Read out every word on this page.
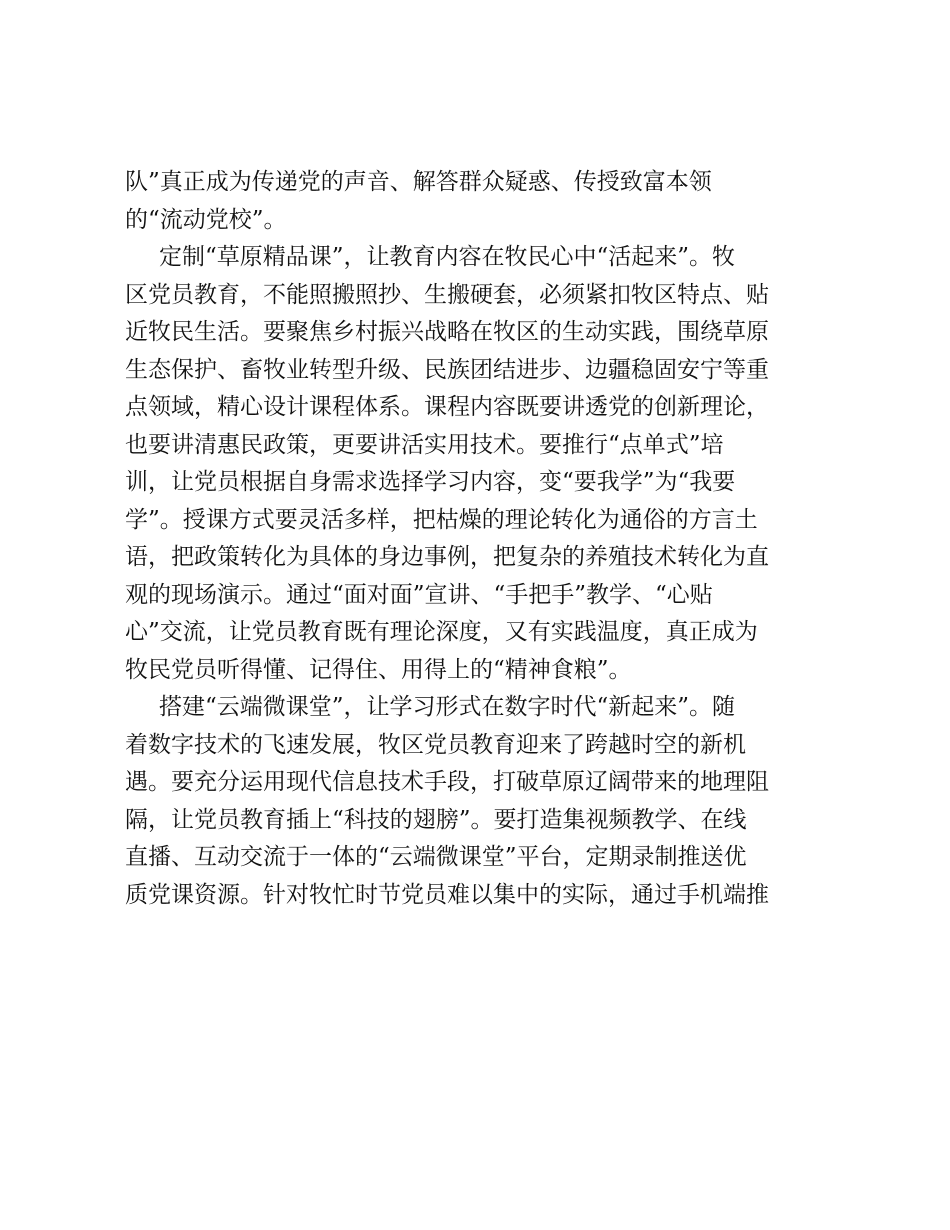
队”真正成为传递党的声音、解答群众疑惑、传授致富本领
的“流动党校”。
定制“草原精品课”，让教育内容在牧民心中“活起来”。牧
区党员教育，不能照搬照抄、生搬硬套，必须紧扣牧区特点、贴
近牧民生活。要聚焦乡村振兴战略在牧区的生动实践，围绕草原
生态保护、畜牧业转型升级、民族团结进步、边疆稳固安宁等重
点领域，精心设计课程体系。课程内容既要讲透党的创新理论，
也要讲清惠民政策，更要讲活实用技术。要推行“点单式”培
训，让党员根据自身需求选择学习内容，变“要我学”为“我要
学”。授课方式要灵活多样，把枯燥的理论转化为通俗的方言土
语，把政策转化为具体的身边事例，把复杂的养殖技术转化为直
观的现场演示。通过“面对面”宣讲、“手把手”教学、“心贴
心”交流，让党员教育既有理论深度，又有实践温度，真正成为
牧民党员听得懂、记得住、用得上的“精神食粮”。
搭建“云端微课堂”，让学习形式在数字时代“新起来”。随
着数字技术的飞速发展，牧区党员教育迎来了跨越时空的新机
遇。要充分运用现代信息技术手段，打破草原辽阔带来的地理阻
隔，让党员教育插上“科技的翅膀”。要打造集视频教学、在线
直播、互动交流于一体的“云端微课堂”平台，定期录制推送优
质党课资源。针对牧忙时节党员难以集中的实际，通过手机端推
